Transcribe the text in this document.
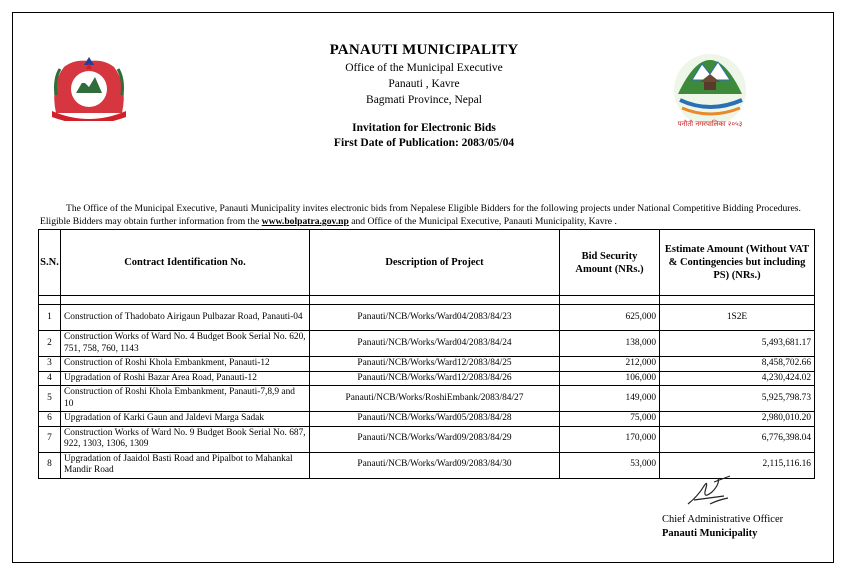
पनौती नगरपालिका २०५३
PANAUTI MUNICIPALITY
Office of the Municipal Executive
Panauti , Kavre
Bagmati Province, Nepal
Invitation for Electronic Bids
First Date of Publication: 2083/05/04
The Office of the Municipal Executive, Panauti Municipality invites electronic bids from Nepalese Eligible Bidders for the following projects under National Competitive Bidding Procedures. Eligible Bidders may obtain further information from the www.bolpatra.gov.np and Office of the Municipal Executive, Panauti Municipality, Kavre .
S.N.	Contract Identification No.	Description of Project	Bid Security Amount (NRs.)	Estimate Amount (Without VAT & Contingencies but including PS) (NRs.)

1	Construction of Thadobato Airigaun Pulbazar Road, Panauti-04	Panauti/NCB/Works/Ward04/2083/84/23	625,000	1S2E
2	Construction Works of Ward No. 4 Budget Book Serial No. 620, 751, 758, 760, 1143	Panauti/NCB/Works/Ward04/2083/84/24	138,000	5,493,681.17
3	Construction of Roshi Khola Embankment, Panauti-12	Panauti/NCB/Works/Ward12/2083/84/25	212,000	8,458,702.66
4	Upgradation of Roshi Bazar Area Road, Panauti-12	Panauti/NCB/Works/Ward12/2083/84/26	106,000	4,230,424.02
5	Construction of Roshi Khola Embankment, Panauti-7,8,9 and 10	Panauti/NCB/Works/RoshiEmbank/2083/84/27	149,000	5,925,798.73
6	Upgradation of Karki Gaun and Jaldevi Marga Sadak	Panauti/NCB/Works/Ward05/2083/84/28	75,000	2,980,010.20
7	Construction Works of Ward No. 9 Budget Book Serial No. 687, 922, 1303, 1306, 1309	Panauti/NCB/Works/Ward09/2083/84/29	170,000	6,776,398.04
8	Upgradation of Jaaidol Basti Road and Pipalbot to Mahankal Mandir Road	Panauti/NCB/Works/Ward09/2083/84/30	53,000	2,115,116.16
Chief Administrative Officer
Panauti Municipality
